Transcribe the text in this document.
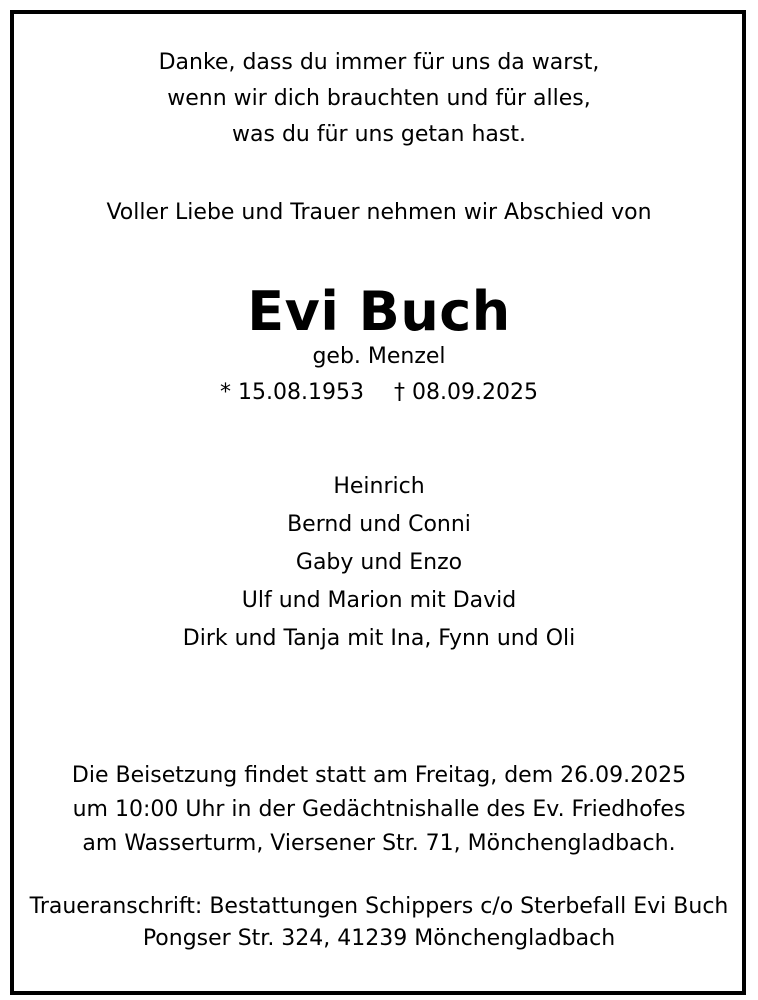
Danke, dass du immer für uns da warst,
wenn wir dich brauchten und für alles,
was du für uns getan hast.
Voller Liebe und Trauer nehmen wir Abschied von
Evi Buch
geb. Menzel
* 15.08.1953 † 08.09.2025
Heinrich
Bernd und Conni
Gaby und Enzo
Ulf und Marion mit David
Dirk und Tanja mit Ina, Fynn und Oli
Die Beisetzung findet statt am Freitag, dem 26.09.2025
um 10:00 Uhr in der Gedächtnishalle des Ev. Friedhofes
am Wasserturm, Viersener Str. 71, Mönchengladbach.
Traueranschrift: Bestattungen Schippers c/o Sterbefall Evi Buch
Pongser Str. 324, 41239 Mönchengladbach
